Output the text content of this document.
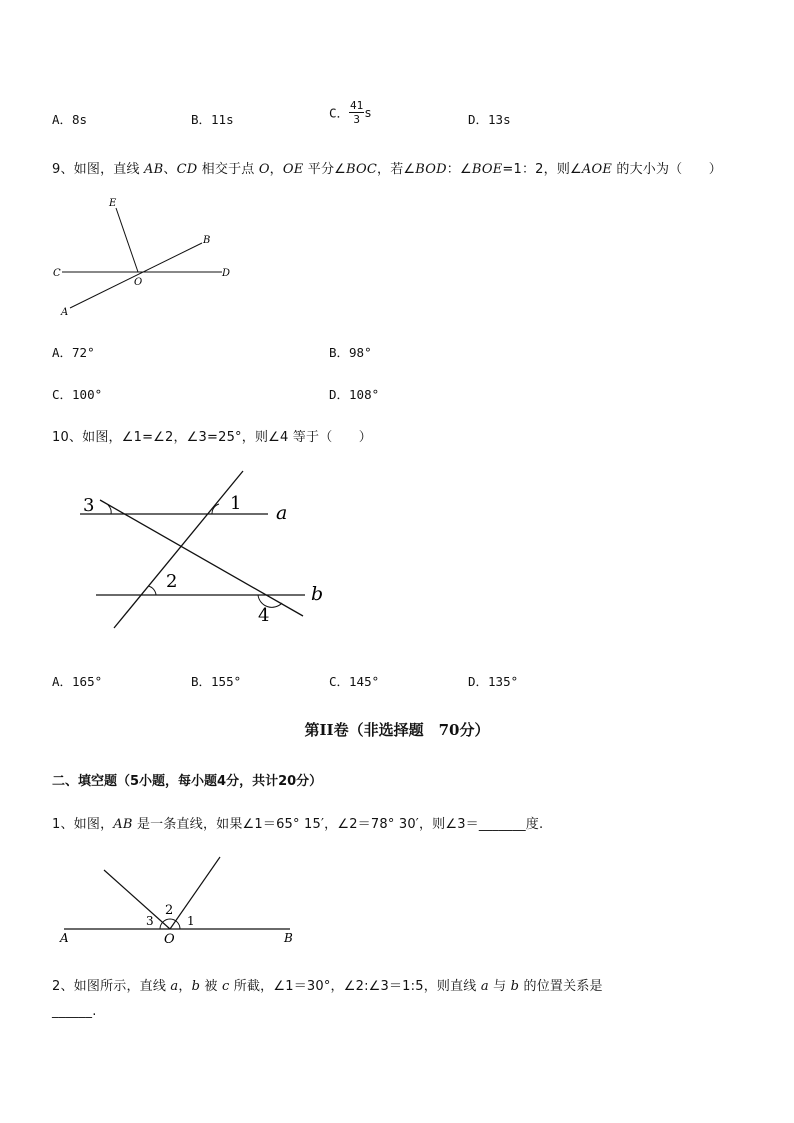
A．8s	B．11s	C． $\frac{41}{3}$ s	D．13s
9、如图，直线 AB、CD 相交于点 O，OE 平分∠BOC，若∠BOD：∠BOE=1：2，则∠AOE 的大小为（　　）
E
B
C	D
O
A
A．72°	B．98°
C．100°	D．108°
10、如图，∠1=∠2，∠3=25°，则∠4 等于（　　）
1
2
3
4
a
b
A．165°	B．155°	C．145°	D．135°
第II卷（非选择题　70分）
二、填空题（5小题，每小题4分，共计20分）
1、如图，AB 是一条直线，如果∠1＝65° 15′，∠2＝78° 30′，则∠3＝_______度.
1
2
3
A	O	B
2、如图所示，直线 a，b 被 c 所截，∠1＝30°，∠2:∠3＝1:5，则直线 a 与 b 的位置关系是
______.
